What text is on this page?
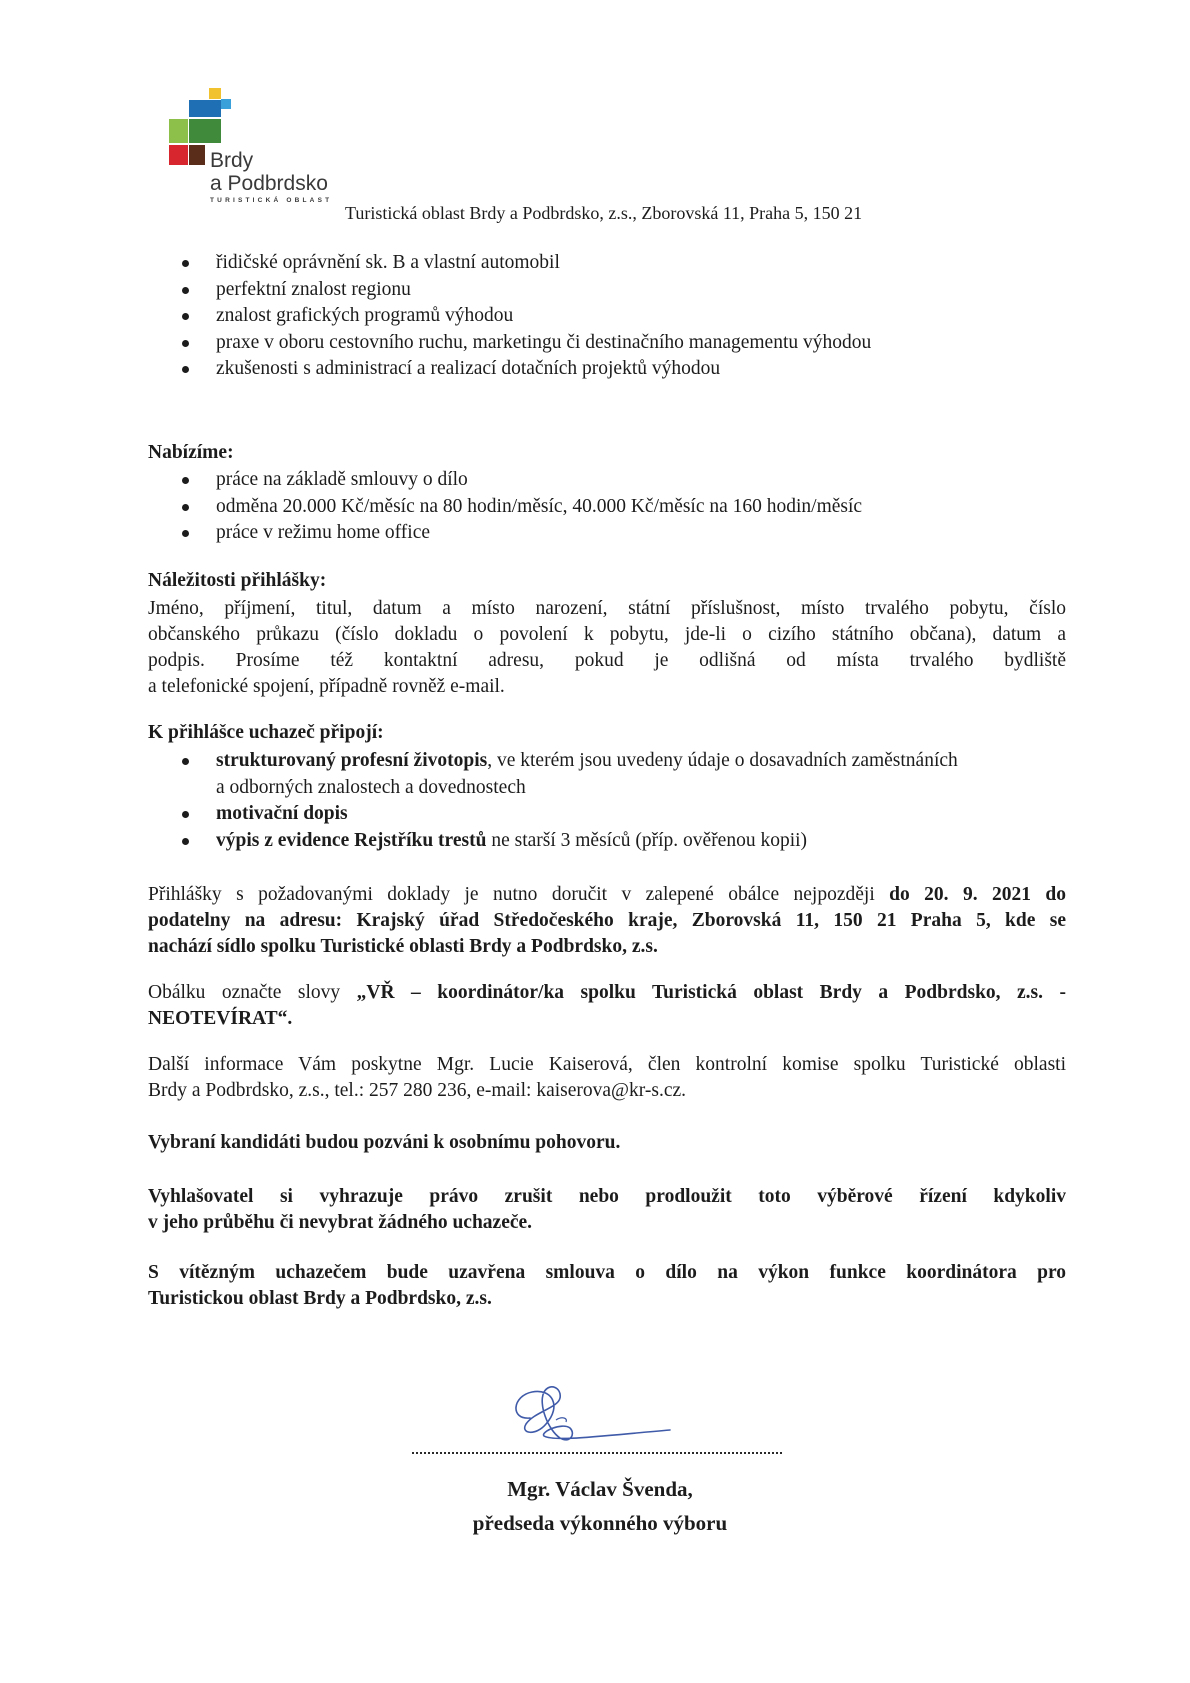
Brdy
a Podbrdsko
TURISTICKÁ OBLAST
Turistická oblast Brdy a Podbrdsko, z.s., Zborovská 11, Praha 5, 150 21
řidičské oprávnění sk. B a vlastní automobil
perfektní znalost regionu
znalost grafických programů výhodou
praxe v oboru cestovního ruchu, marketingu či destinačního managementu výhodou
zkušenosti s administrací a realizací dotačních projektů výhodou
Nabízíme:
práce na základě smlouvy o dílo
odměna 20.000 Kč/měsíc na 80 hodin/měsíc, 40.000 Kč/měsíc na 160 hodin/měsíc
práce v režimu home office
Náležitosti přihlášky:
Jméno, příjmení, titul, datum a místo narození, státní příslušnost, místo trvalého pobytu, číslo
občanského průkazu (číslo dokladu o povolení k pobytu, jde-li o cizího státního občana), datum a
podpis. Prosíme též kontaktní adresu, pokud je odlišná od místa trvalého bydliště
a telefonické spojení, případně rovněž e-mail.
K přihlášce uchazeč připojí:
strukturovaný profesní životopis, ve kterém jsou uvedeny údaje o dosavadních zaměstnáních
a odborných znalostech a dovednostech
motivační dopis
výpis z evidence Rejstříku trestů ne starší 3 měsíců (příp. ověřenou kopii)
Přihlášky s požadovanými doklady je nutno doručit v zalepené obálce nejpozději do 20. 9. 2021 do
podatelny na adresu: Krajský úřad Středočeského kraje, Zborovská 11, 150 21 Praha 5, kde se
nachází sídlo spolku Turistické oblasti Brdy a Podbrdsko, z.s.
Obálku označte slovy „VŘ – koordinátor/ka spolku Turistická oblast Brdy a Podbrdsko, z.s. -
NEOTEVÍRAT“.
Další informace Vám poskytne Mgr. Lucie Kaiserová, člen kontrolní komise spolku Turistické oblasti
Brdy a Podbrdsko, z.s., tel.: 257 280 236, e-mail: kaiserova@kr-s.cz.
Vybraní kandidáti budou pozváni k osobnímu pohovoru.
Vyhlašovatel si vyhrazuje právo zrušit nebo prodloužit toto výběrové řízení kdykoliv
v jeho průběhu či nevybrat žádného uchazeče.
S vítězným uchazečem bude uzavřena smlouva o dílo na výkon funkce koordinátora pro
Turistickou oblast Brdy a Podbrdsko, z.s.
Mgr. Václav Švenda,
předseda výkonného výboru
